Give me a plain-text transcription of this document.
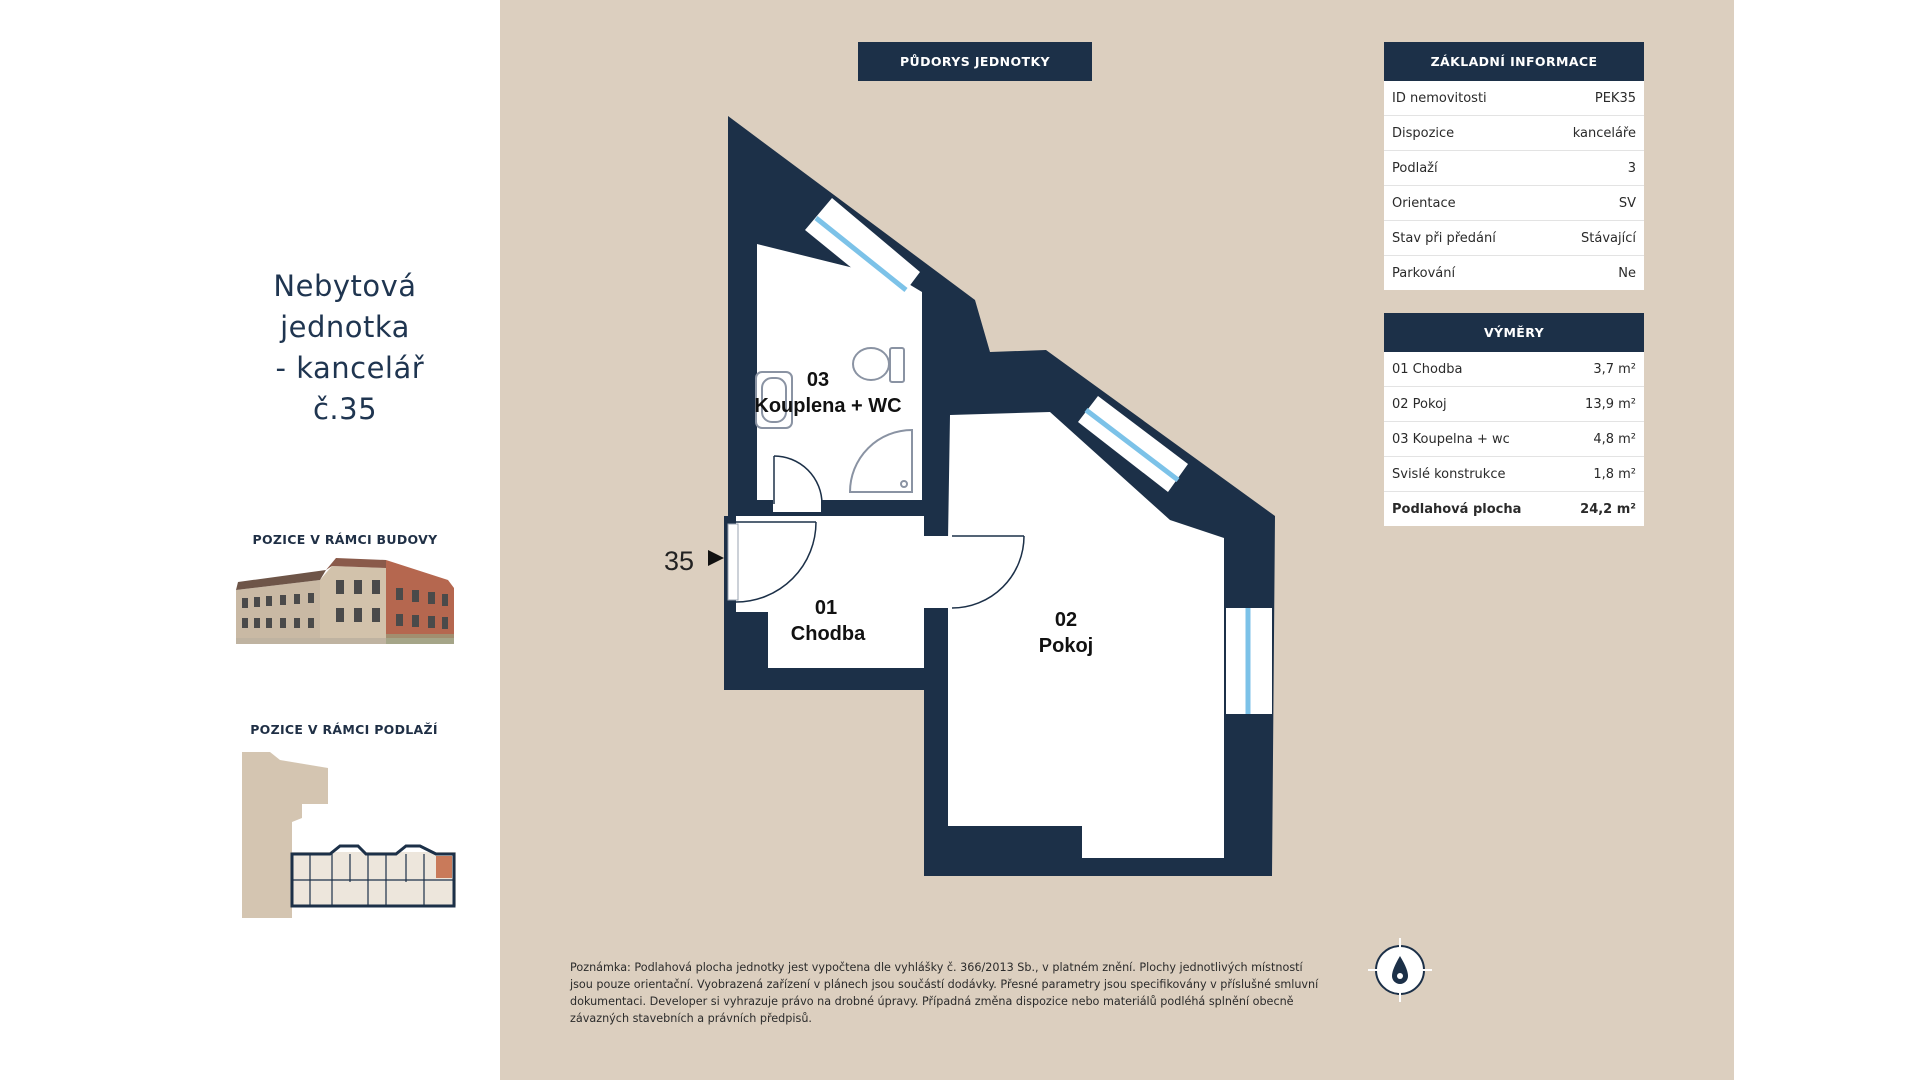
Nebytová
jednotka
- kancelář
č.35
POZICE V RÁMCI BUDOVY
POZICE V RÁMCI PODLAŽÍ
PŮDORYS JEDNOTKY
35
03
Kouplena + WC
01
Chodba
02
Pokoj
ZÁKLADNÍ INFORMACE
ID nemovitosti	PEK35
Dispozice	kanceláře
Podlaží	3
Orientace	SV
Stav při předání	Stávající
Parkování	Ne
VÝMĚRY
01 Chodba	3,7 m²
02 Pokoj	13,9 m²
03 Koupelna + wc	4,8 m²
Svislé konstrukce	1,8 m²
Podlahová plocha	24,2 m²
Poznámka: Podlahová plocha jednotky jest vypočtena dle vyhlášky č. 366/2013 Sb., v platném znění. Plochy jednotlivých místností jsou pouze orientační. Vyobrazená zařízení v plánech jsou součástí dodávky. Přesné parametry jsou specifikovány v příslušné smluvní dokumentaci. Developer si vyhrazuje právo na drobné úpravy. Případná změna dispozice nebo materiálů podléhá splnění obecně závazných stavebních a právních předpisů.
